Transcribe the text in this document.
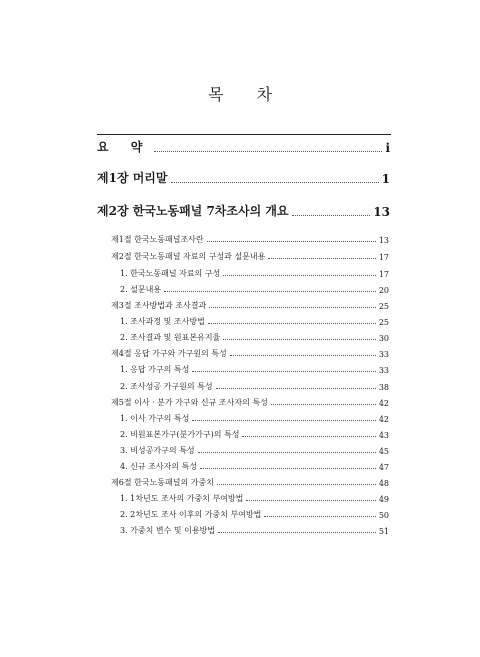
목 차
요 약	i
제1장 머리말	1
제2장 한국노동패널 7차조사의 개요	13
제1절 한국노동패널조사란	13
제2절 한국노동패널 자료의 구성과 설문내용	17
1. 한국노동패널 자료의 구성	17
2. 설문내용	20
제3절 조사방법과 조사결과	25
1. 조사과정 및 조사방법	25
2. 조사결과 및 원표본유지율	30
제4절 응답 가구와 가구원의 특성	33
1. 응답 가구의 특성	33
2. 조사성공 가구원의 특성	38
제5절 이사 · 분가 가구와 신규 조사자의 특성	42
1. 이사 가구의 특성	42
2. 비원표본가구(분가가구)의 특성	43
3. 비성공가구의 특성	45
4. 신규 조사자의 특성	47
제6절 한국노동패널의 가중치	48
1. 1차년도 조사의 가중치 부여방법	49
2. 2차년도 조사 이후의 가중치 부여방법	50
3. 가중치 변수 및 이용방법	51
